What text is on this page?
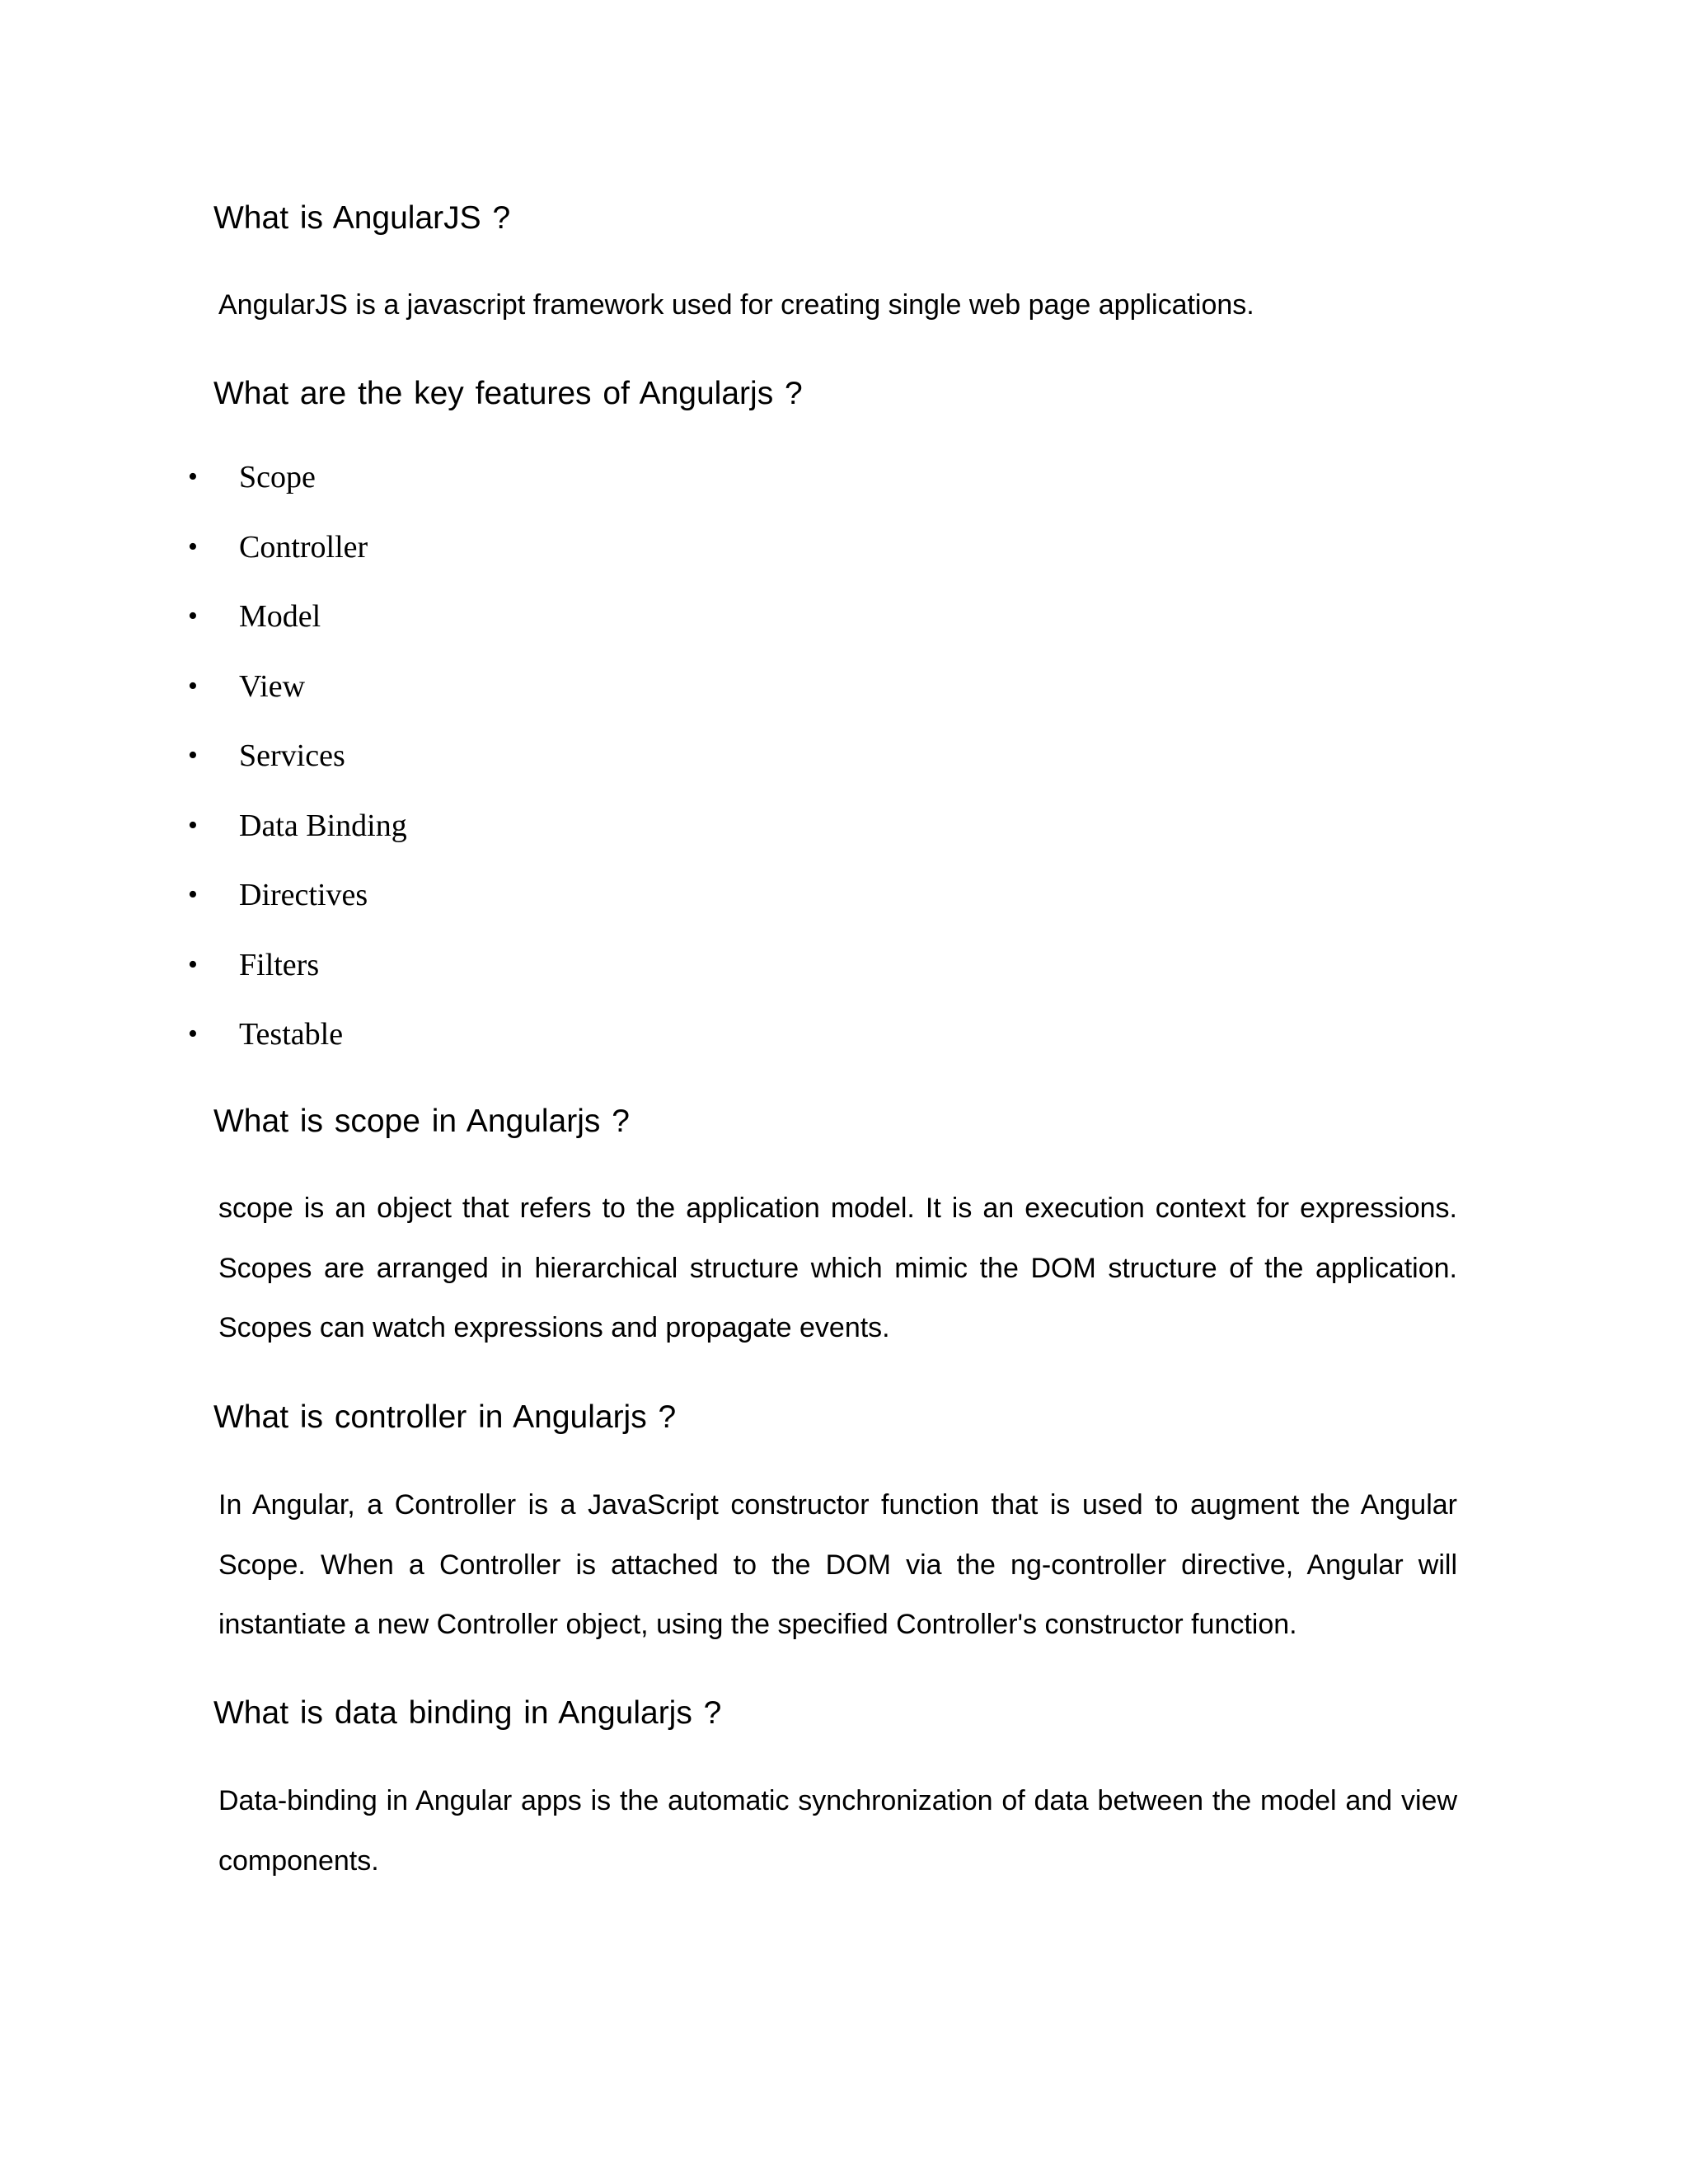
What is AngularJS ?

AngularJS is a javascript framework used for creating single web page applications.

What are the key features of Angularjs ?
• Scope
• Controller
• Model
• View
• Services
• Data Binding
• Directives
• Filters
• Testable
What is scope in Angularjs ?

scope is an object that refers to the application model. It is an execution context for expressions. Scopes are arranged in hierarchical structure which mimic the DOM structure of the application. Scopes can watch expressions and propagate events.

What is controller in Angularjs ?

In Angular, a Controller is a JavaScript constructor function that is used to augment the Angular Scope. When a Controller is attached to the DOM via the ng-controller directive, Angular will instantiate a new Controller object, using the specified Controller's constructor function.

What is data binding in Angularjs ?

Data-binding in Angular apps is the automatic synchronization of data between the model and view components.
